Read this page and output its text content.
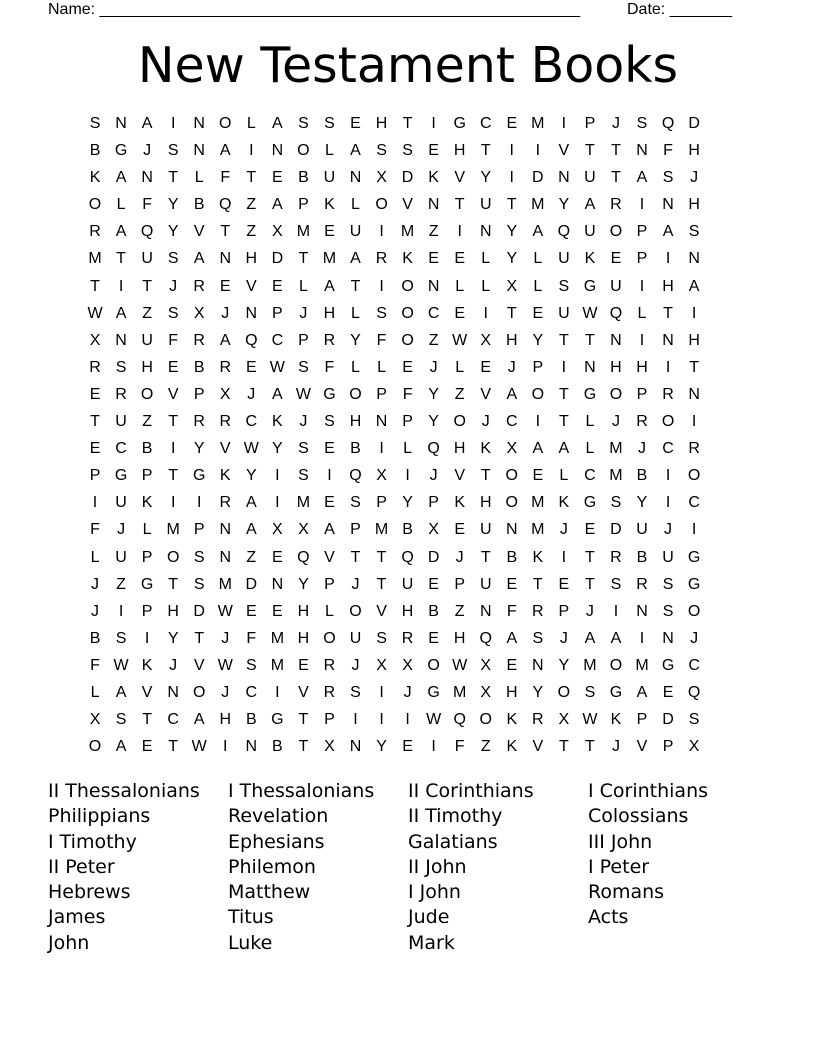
Name: ______________________________________________________	Date: _______
New Testament Books
S N A	I	N O L	A S S E H T	I	G C E M	I	P	J	S Q D
B G J	S N A	I	N O L	A S S E H T	I	I	V T	T N F H
K A N T	L	F	T E B U N X D K V Y	I	D N U T A S	J
O L	F Y B Q Z A P K	L O V N T U T M Y A R	I	N H
R A Q Y V T	Z X M E U	I	M Z	I	N Y A Q U O P A S
M T U S A N H D T M A R K E E	L	Y	L U K E P	I	N
T	I	T	J	R E V E	L	A T	I	O N L	L	X	L	S G U	I	H A
W A Z S X	J	N P	J	H L	S O C E	I	T E U W Q L	T	I
X N U F R A Q C P R Y F O Z W X H Y T	T N	I	N H
R S H E B R E W S F	L	L	E	J	L	E	J	P	I	N H H	I	T
E R O V P X	J	A W G O P F Y Z V A O T G O P R N
T U Z	T R R C K	J	S H N P Y O J	C	I	T	L	J	R O	I
E C B	I	Y V W Y S E B	I	L Q H K X A A	L M J	C R
P G P T G K Y	I	S	I	Q X	I	J	V T O E	L C M B	I	O
I	U K	I	I	R A	I	M E S P Y P K H O M K G S Y	I	C
F	J	L M P N A X X A P M B X E U N M J	E D U	J	I
L U P O S N Z E Q V T	T Q D	J	T B K	I	T R B U G
J	Z G T S M D N Y P	J	T U E P U E T E T S R S G
J	I	P H D W E E H L O V H B Z N F R P	J	I	N S O
B S	I	Y T	J	F M H O U S R E H Q A S	J	A A	I	N	J
F W K	J	V W S M E R	J	X X O W X E N Y M O M G C
L	A V N O J	C	I	V R S	I	J G M X H Y O S G A E Q
X S T C A H B G T P	I	I	I	W Q O K R X W K P D S
O A E T W	I	N B T X N Y E	I	F	Z K V T	T	J	V P X
II Thessalonians	I Thessalonians	II Corinthians	I Corinthians
Philippians	Revelation	II Timothy	Colossians
I Timothy	Ephesians	Galatians	III John
II Peter	Philemon	II John	I Peter
Hebrews	Matthew	I John	Romans
James	Titus	Jude	Acts
John	Luke	Mark
